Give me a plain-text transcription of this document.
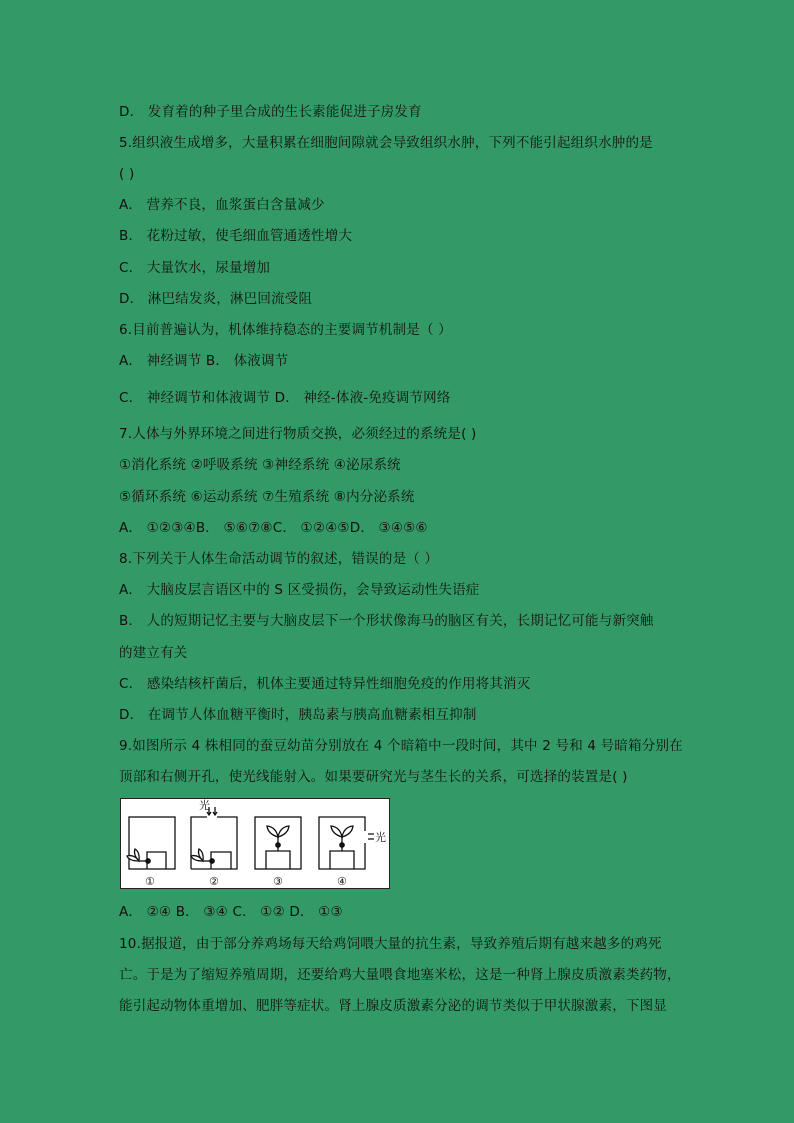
D． 发育着的种子里合成的生长素能促进子房发育
5.组织液生成增多，大量积累在细胞间隙就会导致组织水肿，下列不能引起组织水肿的是
( )
A． 营养不良，血浆蛋白含量减少
B． 花粉过敏，使毛细血管通透性增大
C． 大量饮水，尿量增加
D． 淋巴结发炎，淋巴回流受阻
6.目前普遍认为，机体维持稳态的主要调节机制是（ ）
A． 神经调节 B． 体液调节
C． 神经调节和体液调节 D． 神经-体液-免疫调节网络
7.人体与外界环境之间进行物质交换，必须经过的系统是( )
①消化系统 ②呼吸系统 ③神经系统 ④泌尿系统
⑤循环系统 ⑥运动系统 ⑦生殖系统 ⑧内分泌系统
A． ①②③④B． ⑤⑥⑦⑧C． ①②④⑤D． ③④⑤⑥
8.下列关于人体生命活动调节的叙述，错误的是（ ）
A． 大脑皮层言语区中的 S 区受损伤，会导致运动性失语症
B． 人的短期记忆主要与大脑皮层下一个形状像海马的脑区有关，长期记忆可能与新突触
的建立有关
C． 感染结核杆菌后，机体主要通过特异性细胞免疫的作用将其消灭
D． 在调节人体血糖平衡时，胰岛素与胰高血糖素相互抑制
9.如图所示 4 株相同的蚕豆幼苗分别放在 4 个暗箱中一段时间，其中 2 号和 4 号暗箱分别在
顶部和右侧开孔，使光线能射入。如果要研究光与茎生长的关系，可选择的装置是( )
光
光
①	②	③	④
A． ②④ B． ③④ C． ①② D． ①③
10.据报道，由于部分养鸡场每天给鸡饲喂大量的抗生素，导致养殖后期有越来越多的鸡死
亡。于是为了缩短养殖周期，还要给鸡大量喂食地塞米松，这是一种肾上腺皮质激素类药物，
能引起动物体重增加、肥胖等症状。肾上腺皮质激素分泌的调节类似于甲状腺激素，下图显
